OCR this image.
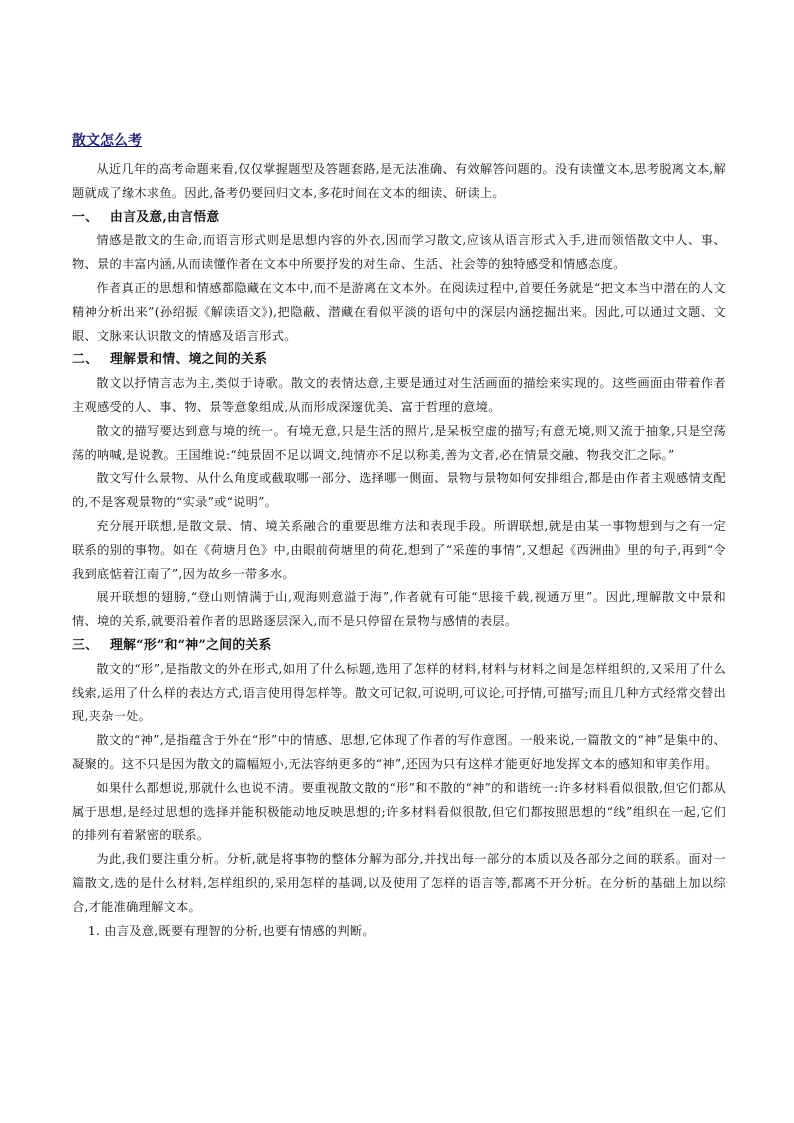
散文怎么考

从近几年的高考命题来看,仅仅掌握题型及答题套路,是无法准确、有效解答问题的。没有读懂文本,思考脱离文本,解题就成了缘木求鱼。因此,备考仍要回归文本,多花时间在文本的细读、研读上。

一、 由言及意,由言悟意

情感是散文的生命,而语言形式则是思想内容的外衣,因而学习散文,应该从语言形式入手,进而领悟散文中人、事、物、景的丰富内涵,从而读懂作者在文本中所要抒发的对生命、生活、社会等的独特感受和情感态度。

作者真正的思想和情感都隐藏在文本中,而不是游离在文本外。在阅读过程中,首要任务就是“把文本当中潜在的人文精神分析出来”(孙绍振《解读语文》),把隐蔽、潜藏在看似平淡的语句中的深层内涵挖掘出来。因此,可以通过文题、文眼、文脉来认识散文的情感及语言形式。

二、 理解景和情、境之间的关系

散文以抒情言志为主,类似于诗歌。散文的表情达意,主要是通过对生活画面的描绘来实现的。这些画面由带着作者主观感受的人、事、物、景等意象组成,从而形成深邃优美、富于哲理的意境。

散文的描写要达到意与境的统一。有境无意,只是生活的照片,是呆板空虚的描写;有意无境,则又流于抽象,只是空荡荡的呐喊,是说教。王国维说:“纯景固不足以调文,纯情亦不足以称美,善为文者,必在情景交融、物我交汇之际。”

散文写什么景物、从什么角度或截取哪一部分、选择哪一侧面、景物与景物如何安排组合,都是由作者主观感情支配的,不是客观景物的“实录”或“说明”。

充分展开联想,是散文景、情、境关系融合的重要思维方法和表现手段。所谓联想,就是由某一事物想到与之有一定联系的别的事物。如在《荷塘月色》中,由眼前荷塘里的荷花,想到了“采莲的事情”,又想起《西洲曲》里的句子,再到“令我到底惦着江南了”,因为故乡一带多水。

展开联想的翅膀,“登山则情满于山,观海则意溢于海”,作者就有可能“思接千载,视通万里”。因此,理解散文中景和情、境的关系,就要沿着作者的思路逐层深入,而不是只停留在景物与感情的表层。

三、 理解“形”和“神”之间的关系

散文的“形”,是指散文的外在形式,如用了什么标题,选用了怎样的材料,材料与材料之间是怎样组织的,又采用了什么线索,运用了什么样的表达方式,语言使用得怎样等。散文可记叙,可说明,可议论,可抒情,可描写;而且几种方式经常交替出现,夹杂一处。

散文的“神”,是指蕴含于外在“形”中的情感、思想,它体现了作者的写作意图。一般来说,一篇散文的“神”是集中的、凝聚的。这不只是因为散文的篇幅短小,无法容纳更多的“神”,还因为只有这样才能更好地发挥文本的感知和审美作用。

如果什么都想说,那就什么也说不清。要重视散文散的“形”和不散的“神”的和谐统一:许多材料看似很散,但它们都从属于思想,是经过思想的选择并能积极能动地反映思想的;许多材料看似很散,但它们都按照思想的“线”组织在一起,它们的排列有着紧密的联系。

为此,我们要注重分析。分析,就是将事物的整体分解为部分,并找出每一部分的本质以及各部分之间的联系。面对一篇散文,选的是什么材料,怎样组织的,采用怎样的基调,以及使用了怎样的语言等,都离不开分析。在分析的基础上加以综合,才能准确理解文本。

1. 由言及意,既要有理智的分析,也要有情感的判断。
